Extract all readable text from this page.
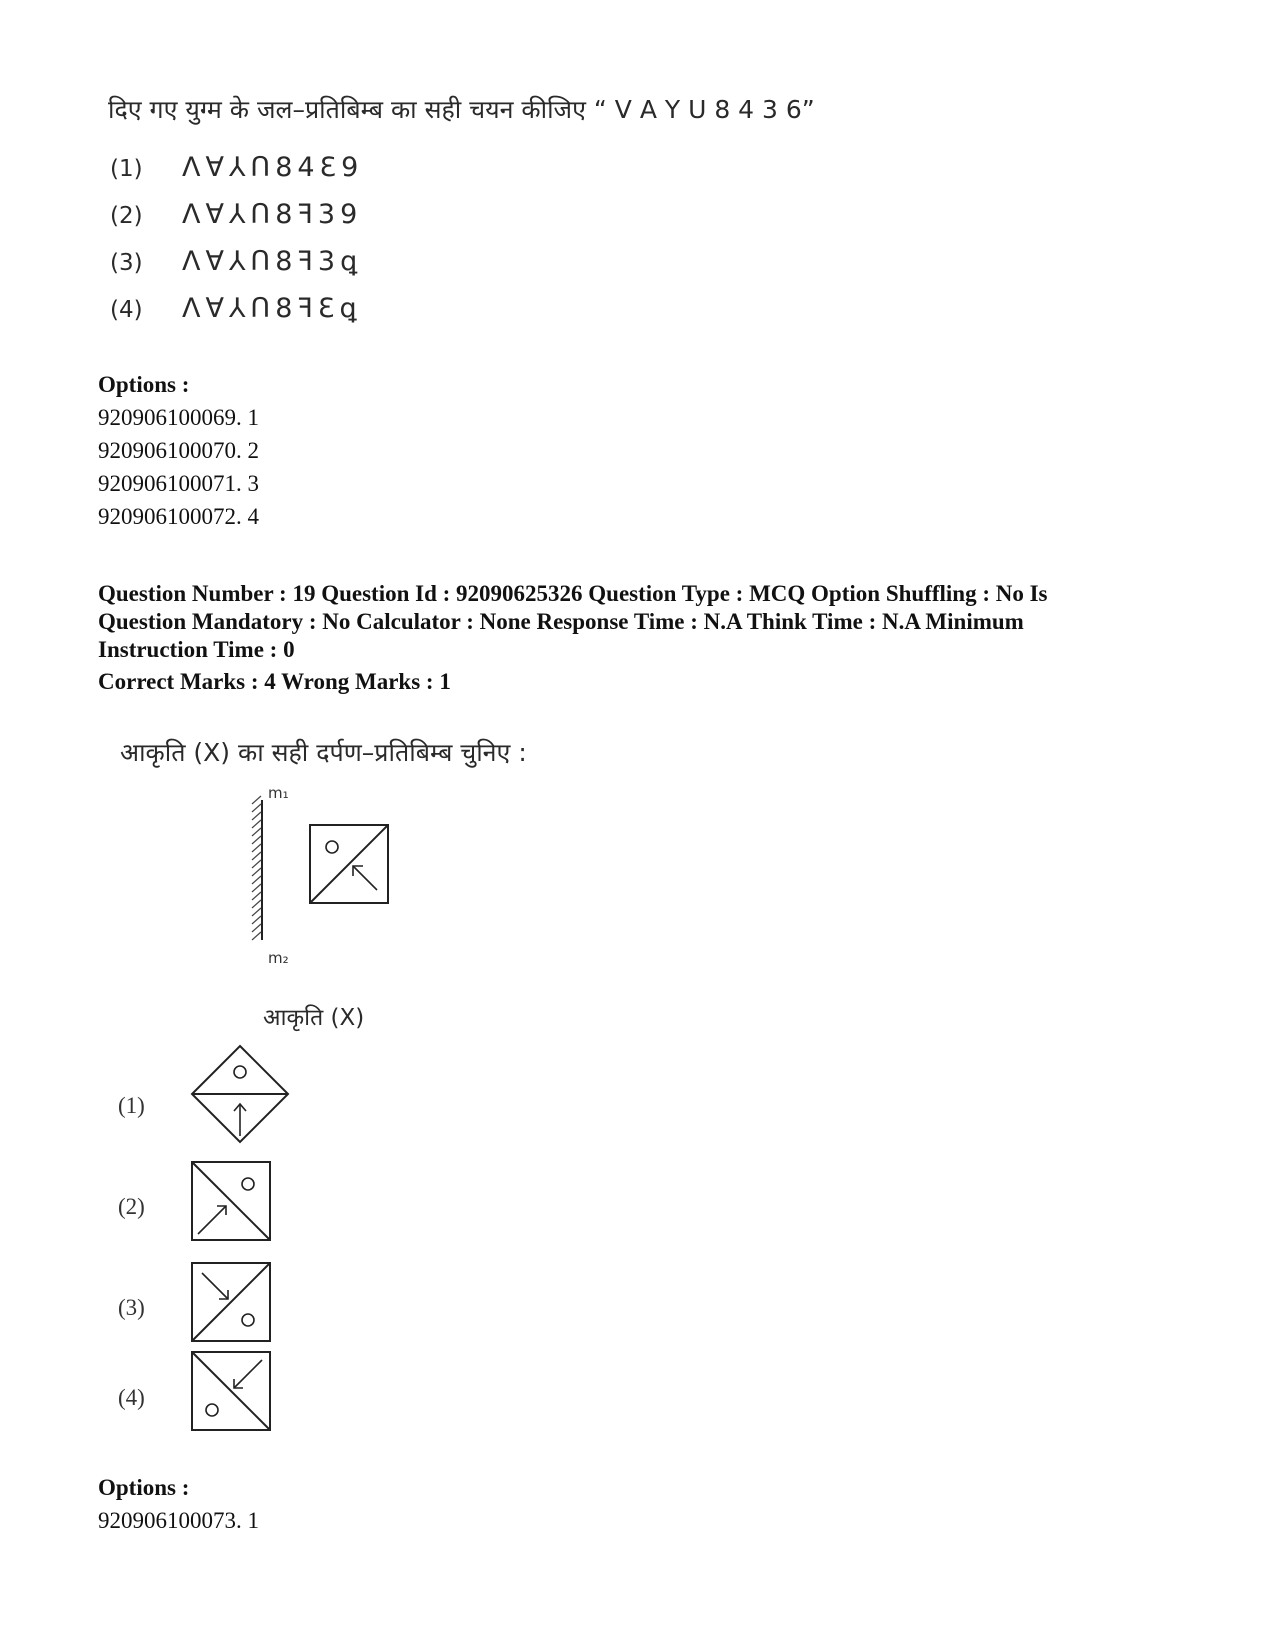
दिए गए युग्म के जल–प्रतिबिम्ब का सही चयन कीजिए “ V A Y U 8 4 3 6”
(1) Λꓯ⅄Ո84Ɛ9
(2) Λꓯ⅄Ո8ꟻ39
(3) Λꓯ⅄Ո8ꟻ3ꝗ
(4) Λꓯ⅄Ո8ꟻƐꝗ
Options :
920906100069. 1
920906100070. 2
920906100071. 3
920906100072. 4
Question Number : 19 Question Id : 92090625326 Question Type : MCQ Option Shuffling : No Is
Question Mandatory : No Calculator : None Response Time : N.A Think Time : N.A Minimum
Instruction Time : 0
Correct Marks : 4 Wrong Marks : 1
आकृति (X) का सही दर्पण–प्रतिबिम्ब चुनिए :
m₁
m₂
आकृति (X)
(1)
(2)
(3)
(4)
Options :
920906100073. 1
